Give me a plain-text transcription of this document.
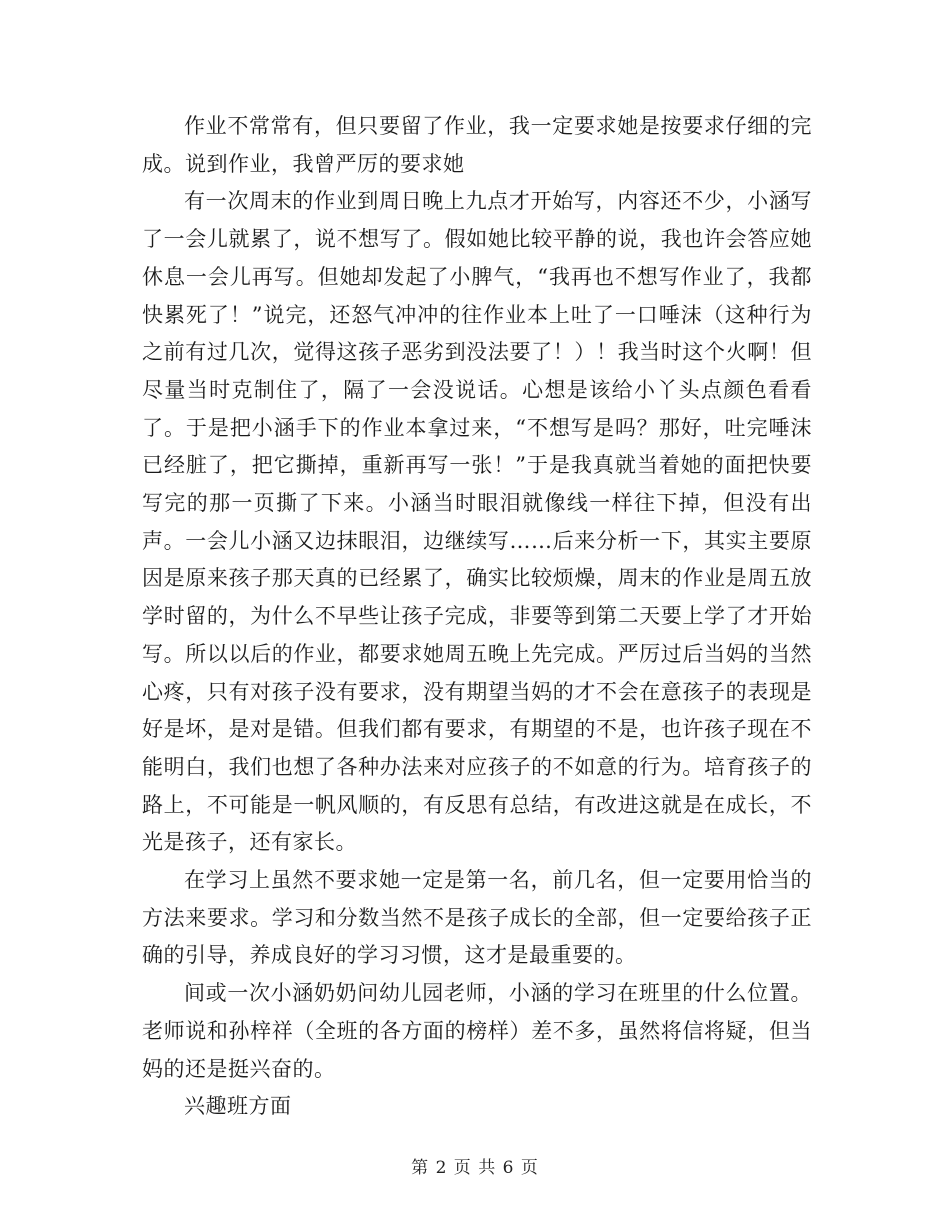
作业不常常有，但只要留了作业，我一定要求她是按要求仔细的完成。说到作业，我曾严厉的要求她

有一次周末的作业到周日晚上九点才开始写，内容还不少，小涵写了一会儿就累了，说不想写了。假如她比较平静的说，我也许会答应她休息一会儿再写。但她却发起了小脾气，“我再也不想写作业了，我都快累死了！”说完，还怒气冲冲的往作业本上吐了一口唾沫（这种行为之前有过几次，觉得这孩子恶劣到没法要了！）！我当时这个火啊！但尽量当时克制住了，隔了一会没说话。心想是该给小丫头点颜色看看了。于是把小涵手下的作业本拿过来，“不想写是吗？那好，吐完唾沫已经脏了，把它撕掉，重新再写一张！”于是我真就当着她的面把快要写完的那一页撕了下来。小涵当时眼泪就像线一样往下掉，但没有出声。一会儿小涵又边抹眼泪，边继续写……后来分析一下，其实主要原因是原来孩子那天真的已经累了，确实比较烦燥，周末的作业是周五放学时留的，为什么不早些让孩子完成，非要等到第二天要上学了才开始写。所以以后的作业，都要求她周五晚上先完成。严厉过后当妈的当然心疼，只有对孩子没有要求，没有期望当妈的才不会在意孩子的表现是好是坏，是对是错。但我们都有要求，有期望的不是，也许孩子现在不能明白，我们也想了各种办法来对应孩子的不如意的行为。培育孩子的路上，不可能是一帆风顺的，有反思有总结，有改进这就是在成长，不光是孩子，还有家长。

在学习上虽然不要求她一定是第一名，前几名，但一定要用恰当的方法来要求。学习和分数当然不是孩子成长的全部，但一定要给孩子正确的引导，养成良好的学习习惯，这才是最重要的。

间或一次小涵奶奶问幼儿园老师，小涵的学习在班里的什么位置。老师说和孙梓祥（全班的各方面的榜样）差不多，虽然将信将疑，但当妈的还是挺兴奋的。

兴趣班方面

第 2 页 共 6 页
